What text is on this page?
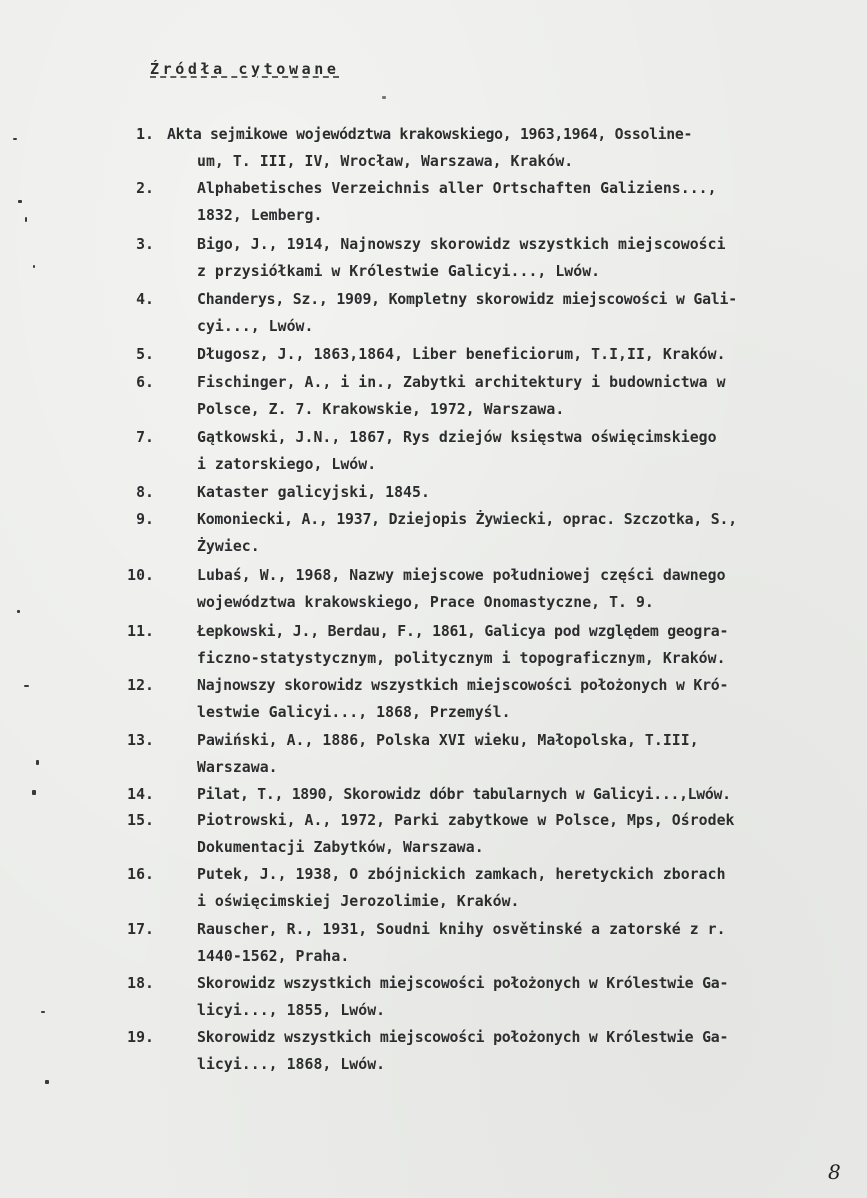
Źródła cytowane
1. Akta sejmikowe województwa krakowskiego, 1963,1964, Ossoline-
um, T. III, IV, Wrocław, Warszawa, Kraków.
2.	Alphabetisches Verzeichnis aller Ortschaften Galiziens...,
1832, Lemberg.
3.	Bigo, J., 1914, Najnowszy skorowidz wszystkich miejscowości
z przysiółkami w Królestwie Galicyi..., Lwów.
4.	Chanderys, Sz., 1909, Kompletny skorowidz miejscowości w Gali-
cyi..., Lwów.
5.	Długosz, J., 1863,1864, Liber beneficiorum, T.I,II, Kraków.
6.	Fischinger, A., i in., Zabytki architektury i budownictwa w
Polsce, Z. 7. Krakowskie, 1972, Warszawa.
7.	Gątkowski, J.N., 1867, Rys dziejów księstwa oświęcimskiego
i zatorskiego, Lwów.
8.	Kataster galicyjski, 1845.
9.	Komoniecki, A., 1937, Dziejopis Żywiecki, oprac. Szczotka, S.,
Żywiec.
10.	Lubaś, W., 1968, Nazwy miejscowe południowej części dawnego
województwa krakowskiego, Prace Onomastyczne, T. 9.
11.	Łepkowski, J., Berdau, F., 1861, Galicya pod względem geogra-
ficzno-statystycznym, politycznym i topograficznym, Kraków.
12.	Najnowszy skorowidz wszystkich miejscowości położonych w Kró-
lestwie Galicyi..., 1868, Przemyśl.
13.	Pawiński, A., 1886, Polska XVI wieku, Małopolska, T.III,
Warszawa.
14.	Pilat, T., 1890, Skorowidz dóbr tabularnych w Galicyi...,Lwów.
15.	Piotrowski, A., 1972, Parki zabytkowe w Polsce, Mps, Ośrodek
Dokumentacji Zabytków, Warszawa.
16.	Putek, J., 1938, O zbójnickich zamkach, heretyckich zborach
i oświęcimskiej Jerozolimie, Kraków.
17.	Rauscher, R., 1931, Soudni knihy osvětinské a zatorské z r.
1440-1562, Praha.
18.	Skorowidz wszystkich miejscowości położonych w Królestwie Ga-
licyi..., 1855, Lwów.
19.	Skorowidz wszystkich miejscowości położonych w Królestwie Ga-
licyi..., 1868, Lwów.
8
